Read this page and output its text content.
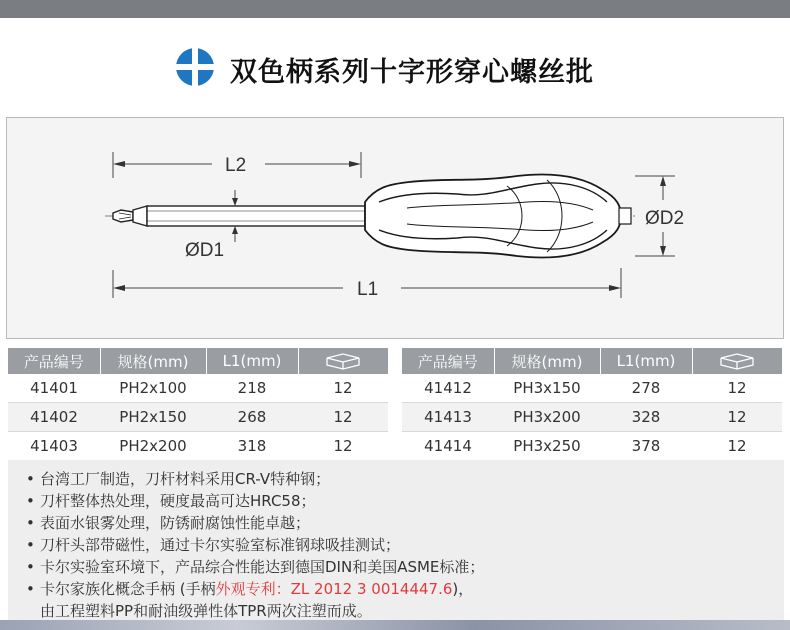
双色柄系列十字形穿心螺丝批
L2
ØD1
ØD2
L1
产品编号	规格(mm)	L1(mm)	
41401	PH2x100	218	12
41402	PH2x150	268	12
41403	PH2x200	318	12
产品编号	规格(mm)	L1(mm)	
41412	PH3x150	278	12
41413	PH3x200	328	12
41414	PH3x250	378	12
• 台湾工厂制造，刀杆材料采用CR-V特种钢；
• 刀杆整体热处理，硬度最高可达HRC58；
• 表面水银雾处理，防锈耐腐蚀性能卓越；
• 刀杆头部带磁性，通过卡尔实验室标准钢球吸挂测试；
• 卡尔实验室环境下，产品综合性能达到德国DIN和美国ASME标准；
• 卡尔家族化概念手柄 (手柄外观专利：ZL 2012 3 0014447.6)，
由工程塑料PP和耐油级弹性体TPR两次注塑而成。
